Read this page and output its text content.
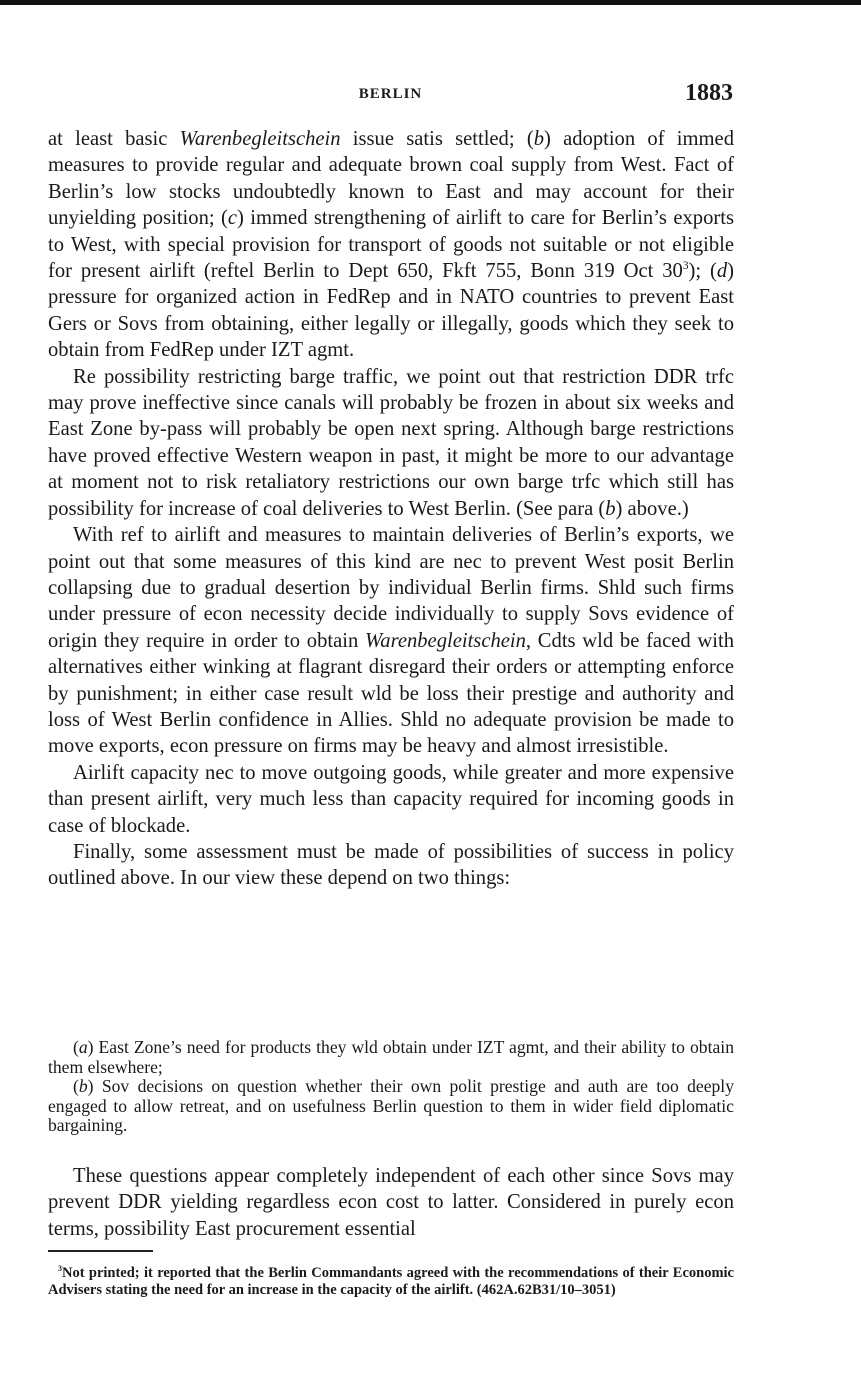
BERLIN	1883

at least basic Warenbegleitschein issue satis settled; (b) adoption of immed measures to provide regular and adequate brown coal supply from West. Fact of Berlin’s low stocks undoubtedly known to East and may account for their unyielding position; (c) immed strengthening of airlift to care for Berlin’s exports to West, with special provision for transport of goods not suitable or not eligible for present airlift (reftel Berlin to Dept 650, Fkft 755, Bonn 319 Oct $30^3$); (d) pressure for organized action in FedRep and in NATO countries to prevent East Gers or Sovs from obtaining, either legally or illegally, goods which they seek to obtain from FedRep under IZT agmt.

Re possibility restricting barge traffic, we point out that restriction DDR trfc may prove ineffective since canals will probably be frozen in about six weeks and East Zone by-pass will probably be open next spring. Although barge restrictions have proved effective Western weapon in past, it might be more to our advantage at moment not to risk retaliatory restrictions our own barge trfc which still has possibility for increase of coal deliveries to West Berlin. (See para (b) above.)

With ref to airlift and measures to maintain deliveries of Berlin’s exports, we point out that some measures of this kind are nec to prevent West posit Berlin collapsing due to gradual desertion by individual Berlin firms. Shld such firms under pressure of econ necessity decide individually to supply Sovs evidence of origin they require in order to obtain Warenbegleitschein, Cdts wld be faced with alternatives either winking at flagrant disregard their orders or attempting enforce by punishment; in either case result wld be loss their prestige and authority and loss of West Berlin confidence in Allies. Shld no adequate provision be made to move exports, econ pressure on firms may be heavy and almost irresistible.

Airlift capacity nec to move outgoing goods, while greater and more expensive than present airlift, very much less than capacity required for incoming goods in case of blockade.

Finally, some assessment must be made of possibilities of success in policy outlined above. In our view these depend on two things:

(a) East Zone’s need for products they wld obtain under IZT agmt, and their ability to obtain them elsewhere;

(b) Sov decisions on question whether their own polit prestige and auth are too deeply engaged to allow retreat, and on usefulness Berlin question to them in wider field diplomatic bargaining.

These questions appear completely independent of each other since Sovs may prevent DDR yielding regardless econ cost to latter. Considered in purely econ terms, possibility East procurement essential

$^3$Not printed; it reported that the Berlin Commandants agreed with the recommendations of their Economic Advisers stating the need for an increase in the capacity of the airlift. (462A.62B31/10–3051)
